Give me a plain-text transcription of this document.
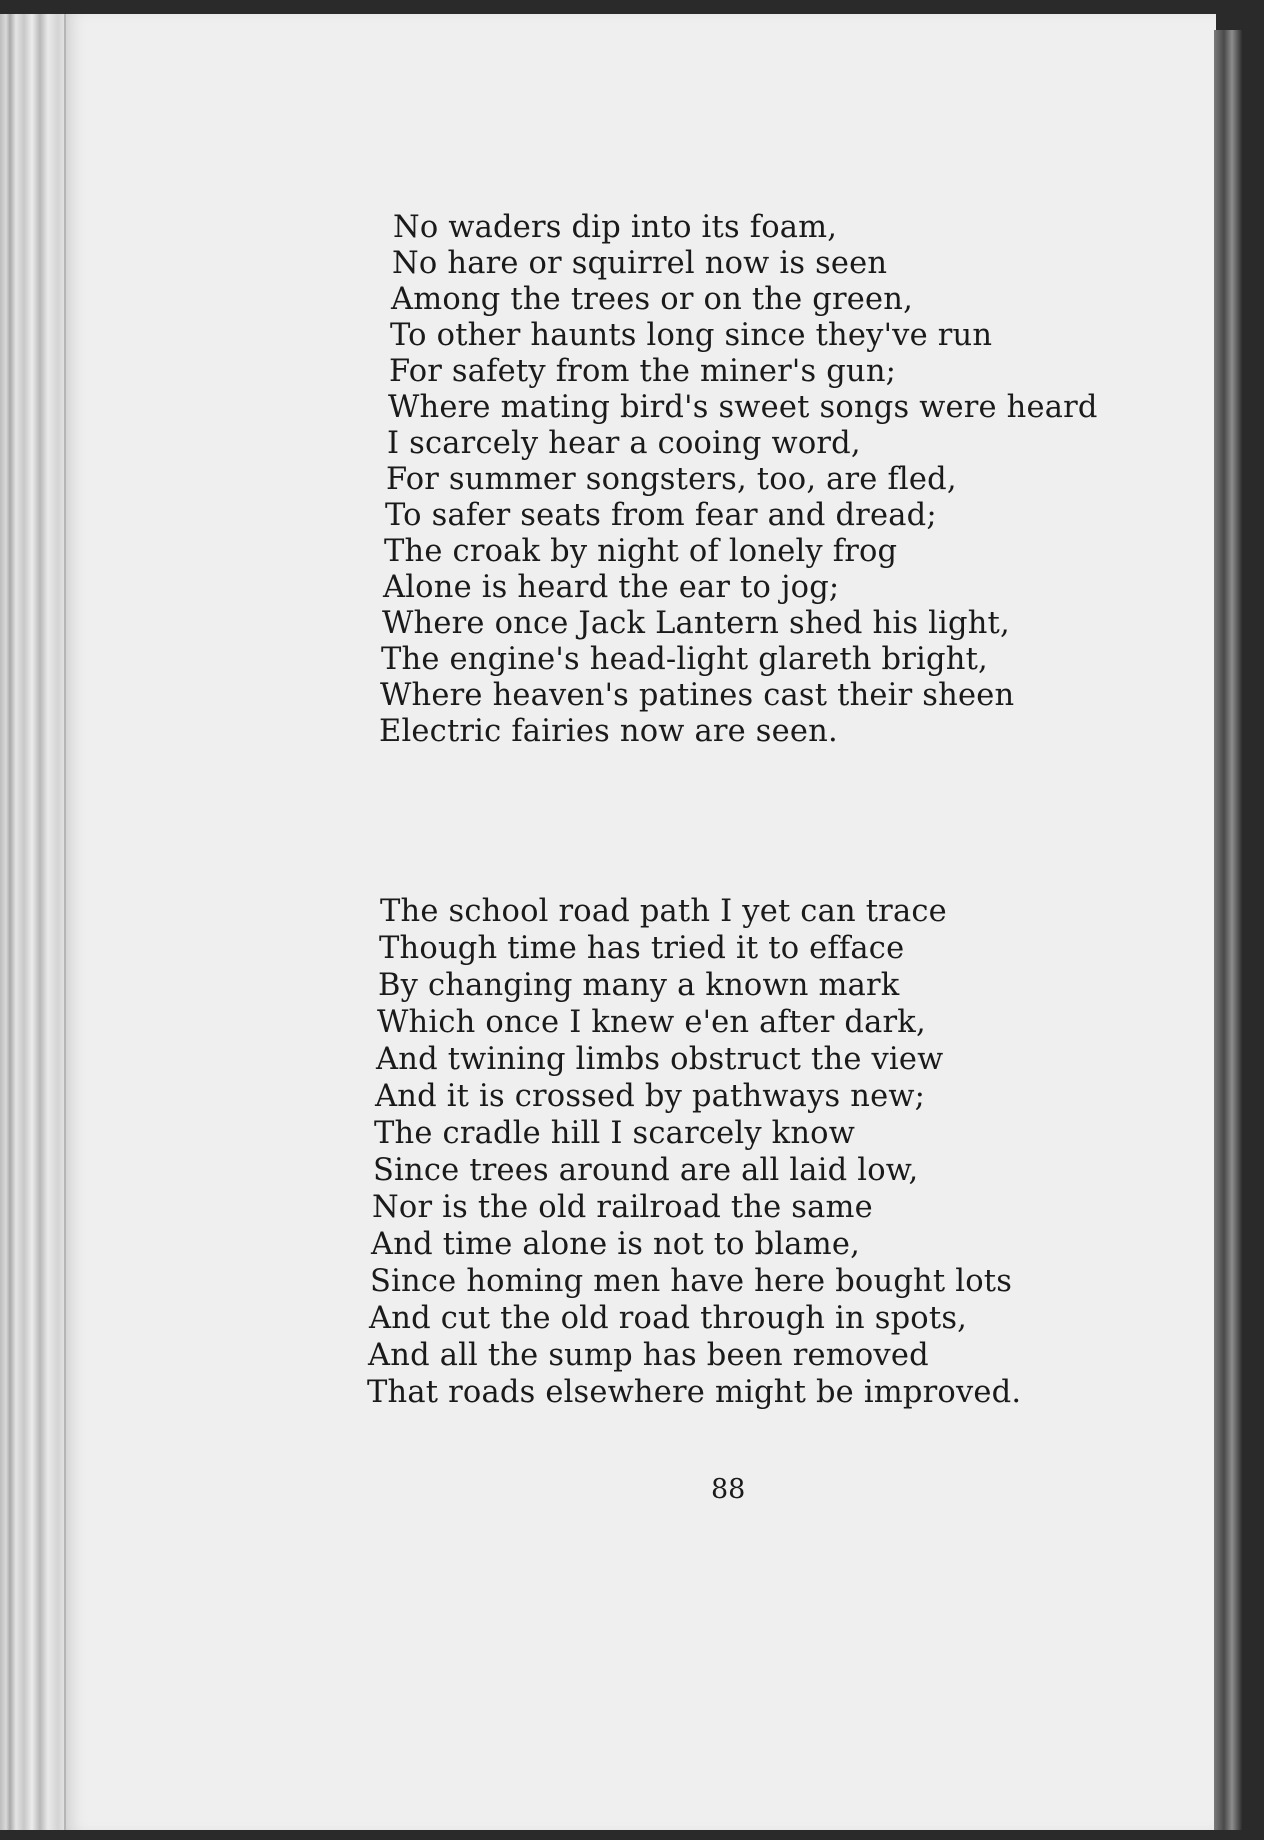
No waders dip into its foam,
No hare or squirrel now is seen
Among the trees or on the green,
To other haunts long since they've run
For safety from the miner's gun;
Where mating bird's sweet songs were heard
I scarcely hear a cooing word,
For summer songsters, too, are fled,
To safer seats from fear and dread;
The croak by night of lonely frog
Alone is heard the ear to jog;
Where once Jack Lantern shed his light,
The engine's head-light glareth bright,
Where heaven's patines cast their sheen
Electric fairies now are seen.
The school road path I yet can trace
Though time has tried it to efface
By changing many a known mark
Which once I knew e'en after dark,
And twining limbs obstruct the view
And it is crossed by pathways new;
The cradle hill I scarcely know
Since trees around are all laid low,
Nor is the old railroad the same
And time alone is not to blame,
Since homing men have here bought lots
And cut the old road through in spots,
And all the sump has been removed
That roads elsewhere might be improved.
88
